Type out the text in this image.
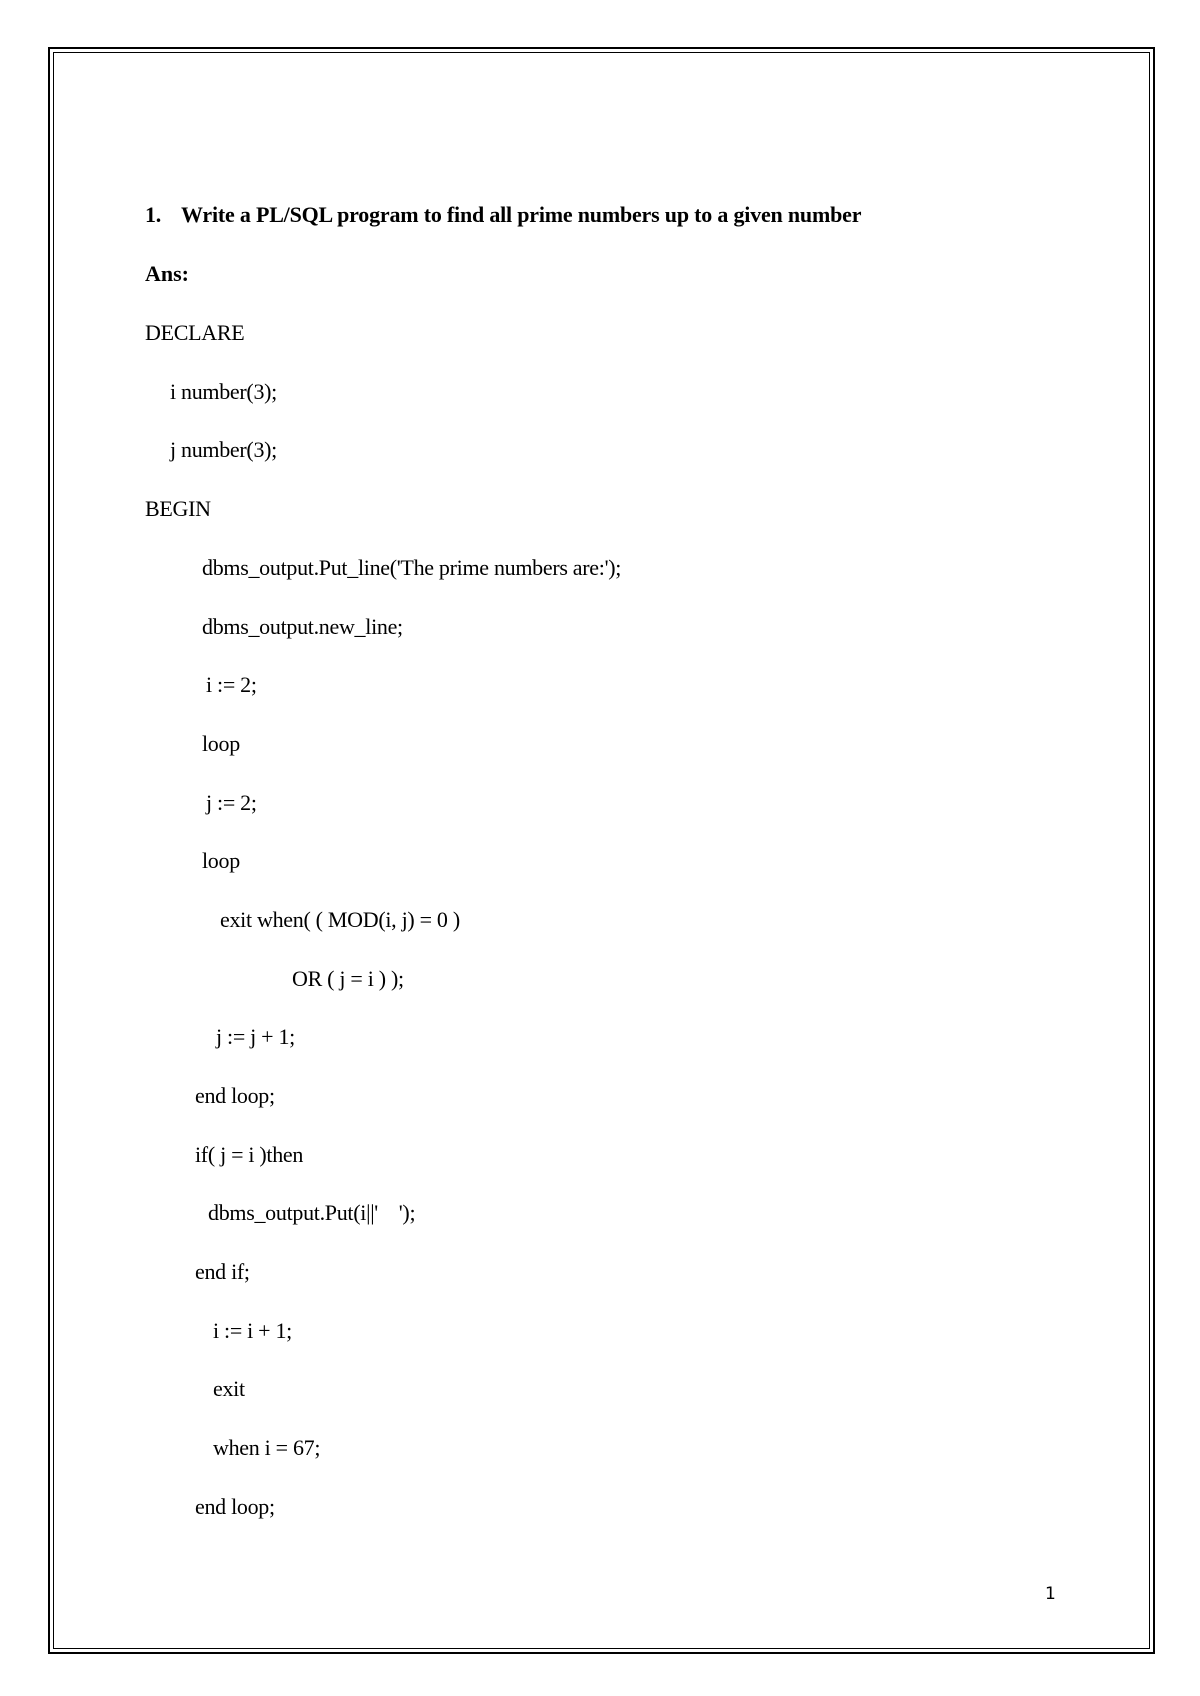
1. Write a PL/SQL program to find all prime numbers up to a given number
Ans:
DECLARE
i number(3);
j number(3);
BEGIN
dbms_output.Put_line('The prime numbers are:');
dbms_output.new_line;
i := 2;
loop
j := 2;
loop
exit when( ( MOD(i, j) = 0 )
OR ( j = i ) );
j := j + 1;
end loop;
if( j = i )then
dbms_output.Put(i||'    ');
end if;
i := i + 1;
exit
when i = 67;
end loop;
1
